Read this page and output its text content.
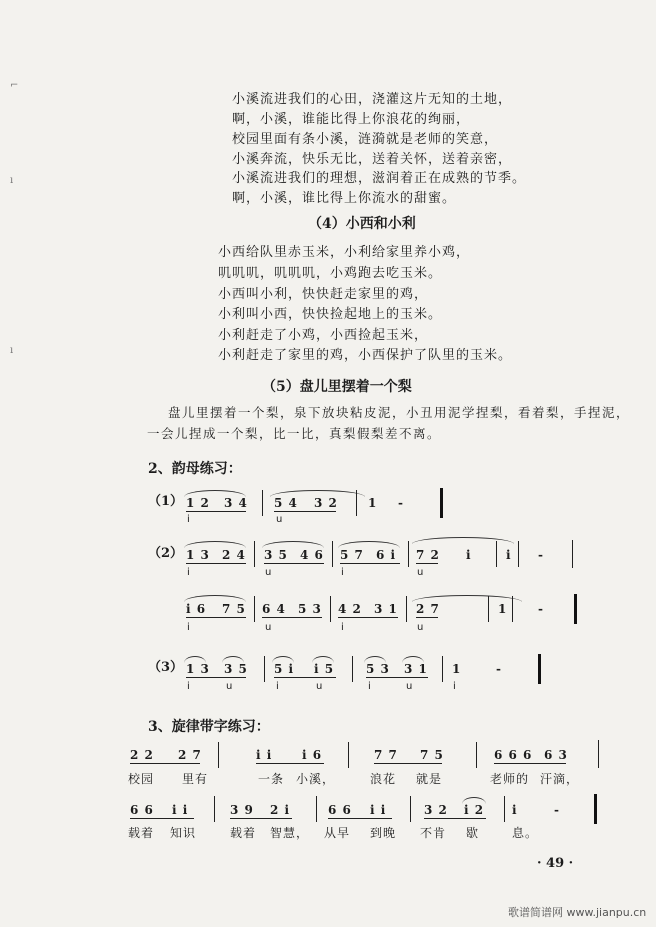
⌐
ı
ı
小溪流进我们的心田，浇灌这片无知的土地，
啊，小溪，谁能比得上你浪花的绚丽，
校园里面有条小溪，涟漪就是老师的笑意，
小溪奔流，快乐无比，送着关怀，送着亲密，
小溪流进我们的理想，滋润着正在成熟的节季。
啊，小溪，谁比得上你流水的甜蜜。
（4）小西和小利
小西给队里赤玉米，小利给家里养小鸡，
叽叽叽，叽叽叽，小鸡跑去吃玉米。
小西叫小利，快快赶走家里的鸡，
小利叫小西，快快捡起地上的玉米。
小利赶走了小鸡，小西捡起玉米，
小利赶走了家里的鸡，小西保护了队里的玉米。
（5）盘儿里摆着一个梨
盘儿里摆着一个梨，泉下放块粘皮泥，小丑用泥学捏梨，看着梨，手捏泥，
一会儿捏成一个梨，比一比，真梨假梨差不离。
2、韵母练习：
（1） 1 2 3 4 5 4 3 2	1 -
i	u
（2） 1 3 2 4 3 5 4 6 5 7 6 i 7 2 i	i -
i	u	i	u
i 6 7 5 6 4 5 3 4 2 3 1 2 7	1	-
i	u	i	u
（3） 1 3 3 5 5 i i 5	5 3 3 1 1	-
i	u	i	u	i	u	i
3、旋律带字练习：
2 2 2 7	i i i 6	7 7 7 5	6 6 6 6 3
校园 里有	一条 小溪，	浪花 就是	老师的 汗滴，
6 6 i i	3 9 2 i	6 6 i i	3 2 i 2 i	-
载着 知识	载着 智慧， 从早 到晚 不肯 歇	息。
· 49 ·
歌谱简谱网 www.jianpu.cn
